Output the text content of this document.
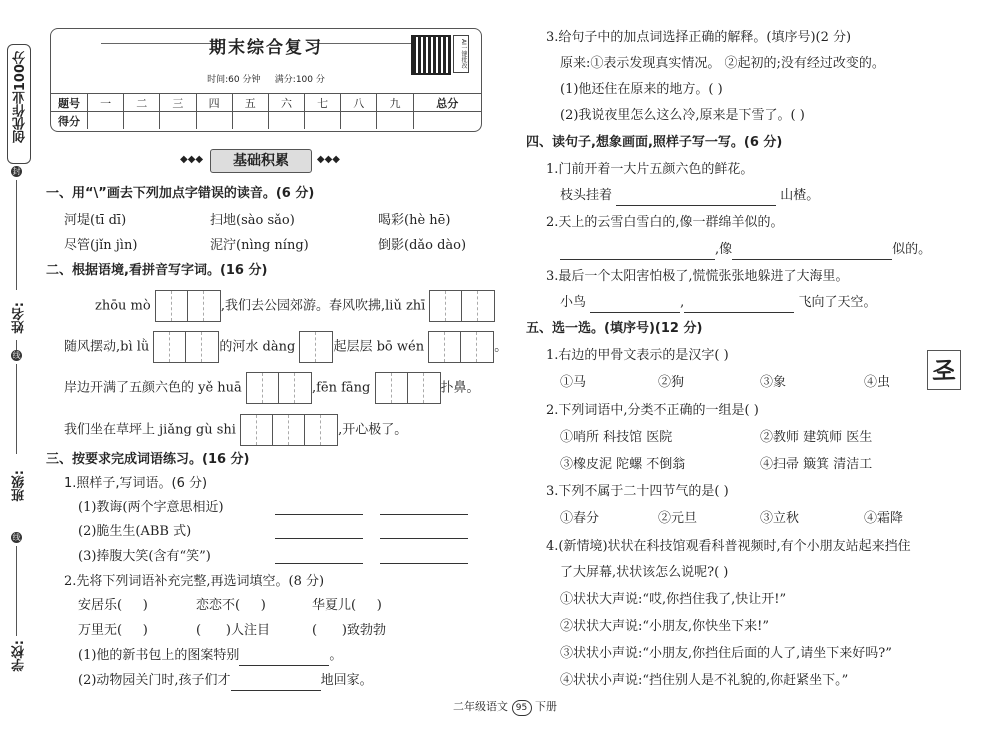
创优作业100分
封
姓名:
线
班级:
线
学校:
期末综合复习
时间:60 分钟 满分:100 分
AI一键批改
题号	一	二	三	四	五	六	七	八	九	总分
得分										
◆◆◆	基础积累	◆◆◆
一、用“\”画去下列加点字错误的读音。(6 分)
河堤(tī dī)	扫地(sào sǎo)	喝彩(hè hē)
尽管(jǐn jìn)	泥泞(nìng níng)	倒影(dǎo dào)
二、根据语境,看拼音写字词。(16 分)
zhōu mò	,我们去公园郊游。春风吹拂,liǔ zhī
随风摆动,bì lǜ	的河水 dàng	起层层 bō wén	。
岸边开满了五颜六色的 yě huā	,fēn fāng	扑鼻。
我们坐在草坪上 jiǎng gù shi	,开心极了。
三、按要求完成词语练习。(16 分)
1.照样子,写词语。(6 分)
(1)教诲(两个字意思相近)
(2)脆生生(ABB 式)
(3)捧腹大笑(含有“笑”)
2.先将下列词语补充完整,再选词填空。(8 分)
安居乐( )	恋恋不( )	华夏儿( )
万里无( )	( )人注目	( )致勃勃
(1)他的新书包上的图案特别	。
(2)动物园关门时,孩子们才	地回家。
3.给句子中的加点词选择正确的解释。(填序号)(2 分)
原来:①表示发现真实情况。 ②起初的;没有经过改变的。
(1)他还住在原来的地方。( )
(2)我说夜里怎么这么冷,原来是下雪了。( )
四、读句子,想象画面,照样子写一写。(6 分)
1.门前开着一大片五颜六色的鲜花。
枝头挂着	山楂。
2.天上的云雪白雪白的,像一群绵羊似的。
,像	似的。
3.最后一个太阳害怕极了,慌慌张张地躲进了大海里。
小鸟	,	飞向了天空。
五、选一选。(填序号)(12 分)
1.右边的甲骨文表示的是汉字( )	𢀖
①马	②狗	③象	④虫
2.下列词语中,分类不正确的一组是( )
①哨所 科技馆 医院	②教师 建筑师 医生
③橡皮泥 陀螺 不倒翁	④扫帚 簸箕 清洁工
3.下列不属于二十四节气的是( )
①春分	②元旦	③立秋	④霜降
4.(新情境)状状在科技馆观看科普视频时,有个小朋友站起来挡住
了大屏幕,状状该怎么说呢?( )
①状状大声说:“哎,你挡住我了,快让开!”
②状状大声说:“小朋友,你快坐下来!”
③状状小声说:“小朋友,你挡住后面的人了,请坐下来好吗?”
④状状小声说:“挡住别人是不礼貌的,你赶紧坐下。”
二年级语文 95 下册
